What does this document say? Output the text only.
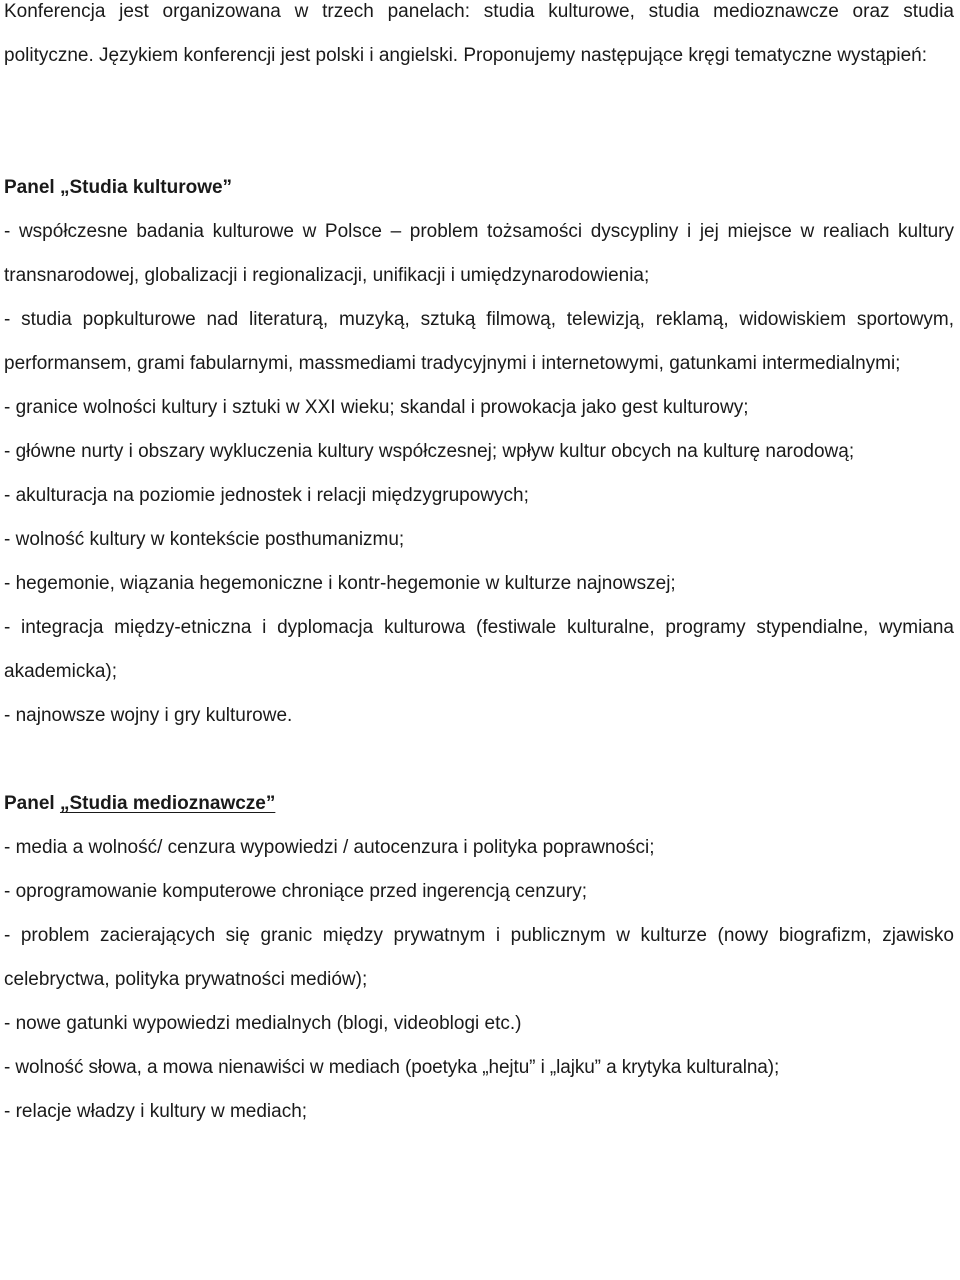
Konferencja jest organizowana w trzech panelach: studia kulturowe, studia medioznawcze oraz studia polityczne. Językiem konferencji jest polski i angielski. Proponujemy następujące kręgi tematyczne wystąpień:

Panel „Studia kulturowe”

- współczesne badania kulturowe w Polsce – problem tożsamości dyscypliny i jej miejsce w realiach kultury transnarodowej, globalizacji i regionalizacji, unifikacji i umiędzynarodowienia;

- studia popkulturowe nad literaturą, muzyką, sztuką filmową, telewizją, reklamą, widowiskiem sportowym, performansem, grami fabularnymi, massmediami tradycyjnymi i internetowymi, gatunkami intermedialnymi;

- granice wolności kultury i sztuki w XXI wieku; skandal i prowokacja jako gest kulturowy;

- główne nurty i obszary wykluczenia kultury współczesnej; wpływ kultur obcych na kulturę narodową;

- akulturacja na poziomie jednostek i relacji międzygrupowych;

- wolność kultury w kontekście posthumanizmu;

- hegemonie, wiązania hegemoniczne i kontr-hegemonie w kulturze najnowszej;

- integracja między-etniczna i dyplomacja kulturowa (festiwale kulturalne, programy stypendialne, wymiana akademicka);

- najnowsze wojny i gry kulturowe.

Panel „Studia medioznawcze”

- media a wolność/ cenzura wypowiedzi / autocenzura i polityka poprawności;

- oprogramowanie komputerowe chroniące przed ingerencją cenzury;

- problem zacierających się granic między prywatnym i publicznym w kulturze (nowy biografizm, zjawisko celebryctwa, polityka prywatności mediów);

- nowe gatunki wypowiedzi medialnych (blogi, videoblogi etc.)

- wolność słowa, a mowa nienawiści w mediach (poetyka „hejtu” i „lajku” a krytyka kulturalna);

- relacje władzy i kultury w mediach;
